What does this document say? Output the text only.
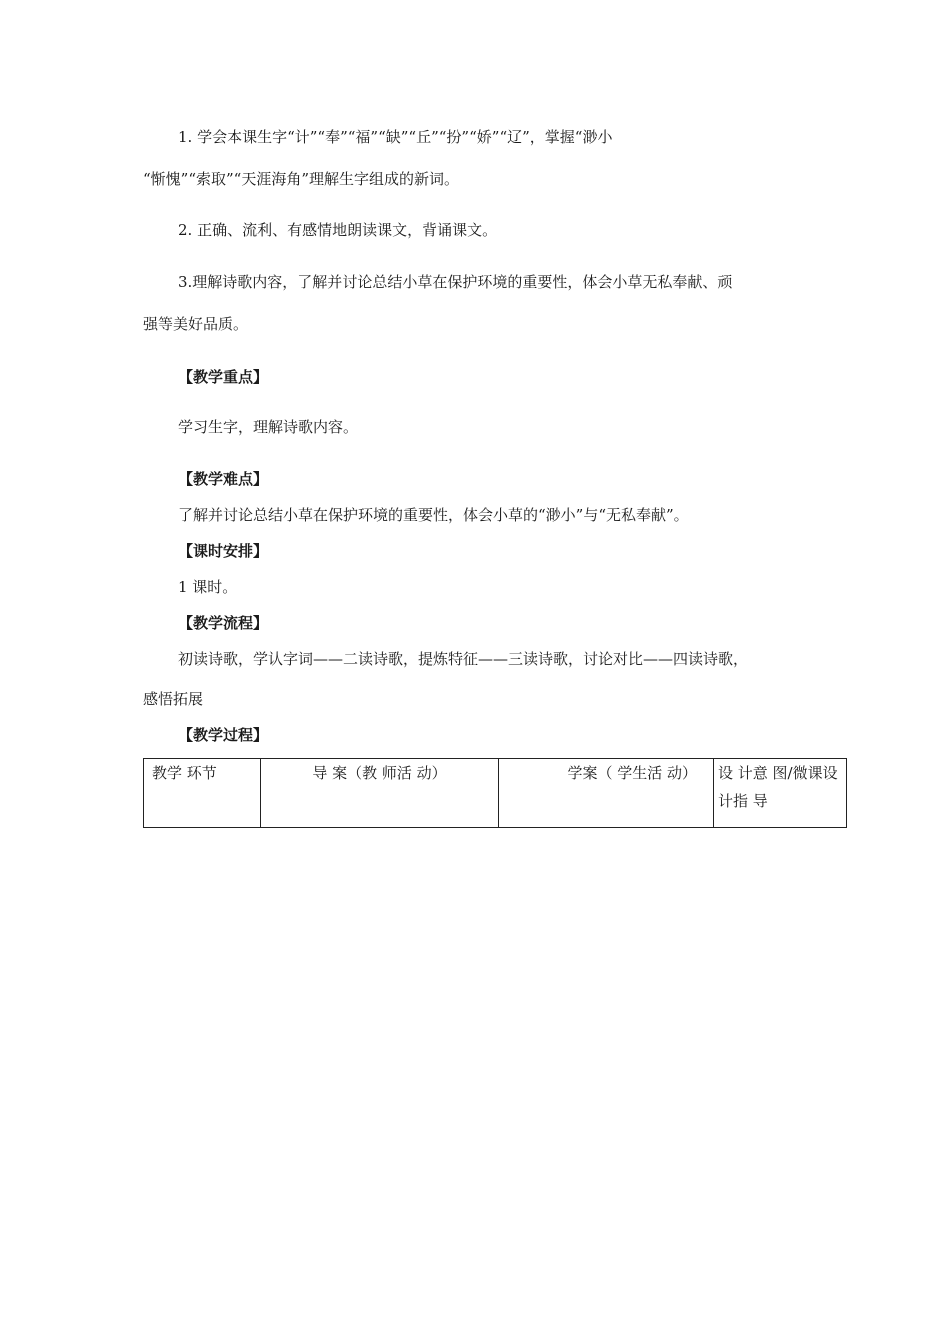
1. 学会本课生字“计”“奉”“福”“缺”“丘”“扮”“娇”“辽”，掌握“渺小
“惭愧”“索取”“天涯海角”理解生字组成的新词。
2. 正确、流利、有感情地朗读课文，背诵课文。
3.理解诗歌内容，了解并讨论总结小草在保护环境的重要性，体会小草无私奉献、顽
强等美好品质。
【教学重点】
学习生字，理解诗歌内容。
【教学难点】
了解并讨论总结小草在保护环境的重要性，体会小草的“渺小”与“无私奉献”。
【课时安排】
1 课时。
【教学流程】
初读诗歌，学认字词——二读诗歌，提炼特征——三读诗歌，讨论对比——四读诗歌，
感悟拓展
【教学过程】
教学 环节	导 案（教 师活 动）	学案（ 学生活 动）	设 计意 图/微课设 计指 导
